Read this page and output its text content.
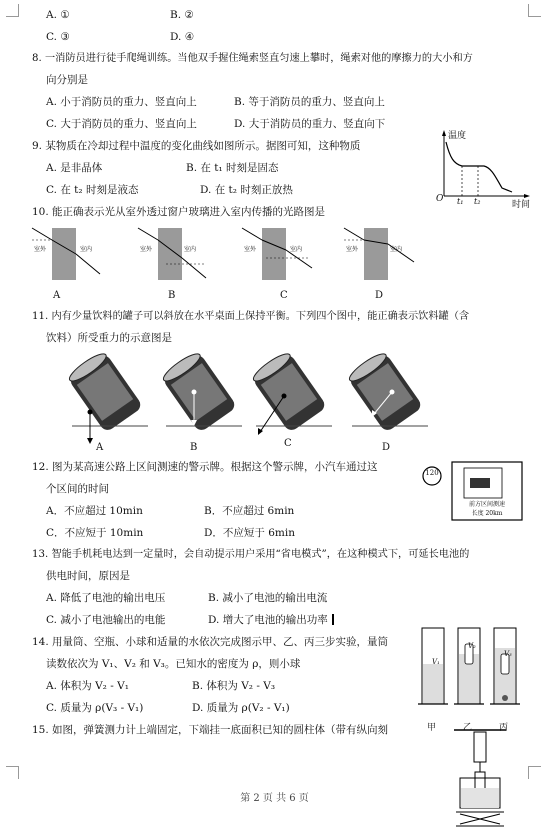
A. ①	B. ②
C. ③	D. ④
8. 一消防员进行徒手爬绳训练。当他双手握住绳索竖直匀速上攀时，绳索对他的摩擦力的大小和方
向分别是
A. 小于消防员的重力、竖直向上	B. 等于消防员的重力、竖直向上
C. 大于消防员的重力、竖直向上	D. 大于消防员的重力、竖直向下
9. 某物质在冷却过程中温度的变化曲线如图所示。据图可知，这种物质
A. 是非晶体	B. 在 t₁ 时刻是固态
C. 在 t₂ 时刻是液态	D. 在 t₂ 时刻正放热
温度
时间
O t₁ t₂
10. 能正确表示光从室外透过窗户玻璃进入室内传播的光路图是
室外	室内	室外	室内	室外	室内	室外	室内
A	B	C	D
11. 内有少量饮料的罐子可以斜放在水平桌面上保持平衡。下列四个图中，能正确表示饮料罐（含
饮料）所受重力的示意图是
A	B	C	D
12. 图为某高速公路上区间测速的警示牌。根据这个警示牌，小汽车通过这
个区间的时间
A．不应超过 10min	B．不应超过 6min
C．不应短于 10min	D．不应短于 6min
120
前方区间测速
长度 20km
13. 智能手机耗电达到一定量时，会自动提示用户采用“省电模式”，在这种模式下，可延长电池的
供电时间，原因是
A. 降低了电池的输出电压	B. 减小了电池的输出电流
C. 减小了电池输出的电能	D. 增大了电池的输出功率
14. 用量筒、空瓶、小球和适量的水依次完成图示甲、乙、丙三步实验，量筒
读数依次为 V₁、V₂ 和 V₃。已知水的密度为 ρ，则小球
A. 体积为 V₂ - V₁	B. 体积为 V₂ - V₃
C. 质量为 ρ(V₃ - V₁)	D. 质量为 ρ(V₂ - V₁)
V₁
V₂
V₃
甲	乙	丙
15. 如图，弹簧测力计上端固定，下端挂一底面积已知的圆柱体（带有纵向刻
第 2 页 共 6 页
